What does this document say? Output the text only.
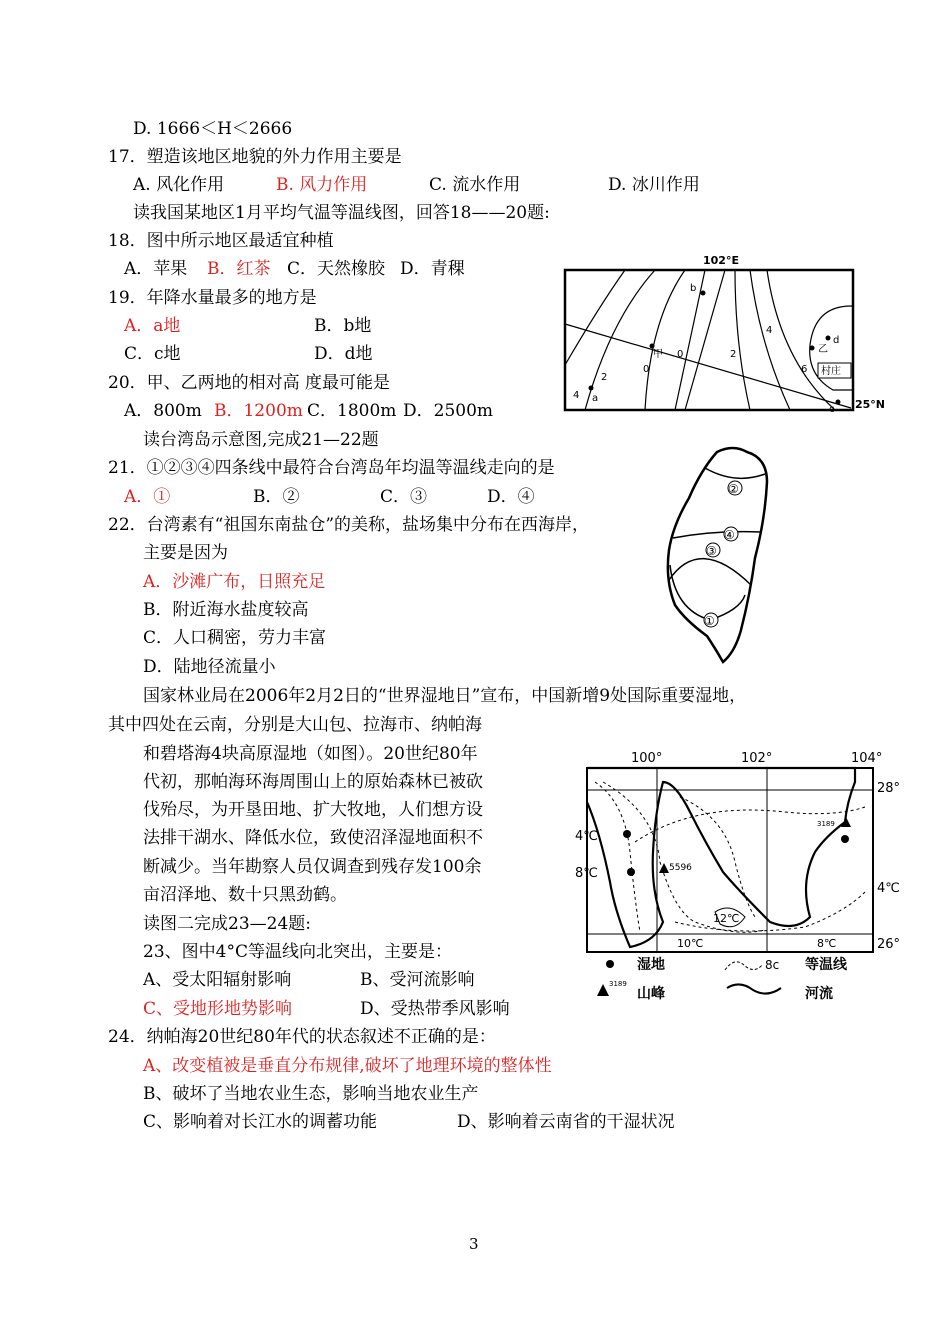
D. 1666＜H＜2666
17．塑造该地区地貌的外力作用主要是
A. 风化作用	B. 风力作用	C. 流水作用	D. 冰川作用
读我国某地区1月平均气温等温线图，回答18——20题:
18．图中所示地区最适宜种植
A．苹果 B．红茶 C．天然橡胶 D．青稞
19．年降水量最多的地方是
A．a地	B．b地
C．c地	D．d地
20．甲、乙两地的相对高 度最可能是
A．800m B．1200m C．1800m D．2500m
读台湾岛示意图,完成21—22题
21．①②③④四条线中最符合台湾岛年均温等温线走向的是
A．①	B．②	C．③	D．④
22．台湾素有“祖国东南盐仓”的美称，盐场集中分布在西海岸，
主要是因为
A．沙滩广布，日照充足
B．附近海水盐度较高
C．人口稠密，劳力丰富
D．陆地径流量小
国家林业局在2006年2月2日的“世界湿地日”宣布，中国新增9处国际重要湿地，
其中四处在云南，分别是大山包、拉海市、纳帕海
和碧塔海4块高原湿地（如图）。20世纪80年
代初，那帕海环海周围山上的原始森林已被砍
伐殆尽，为开垦田地、扩大牧地，人们想方设
法排干湖水、降低水位，致使沼泽湿地面积不
断减少。当年勘察人员仅调查到残存发100余
亩沼泽地、数十只黑劲鹤。
读图二完成23—24题:
23、图中4°C等温线向北突出，主要是：
A、受太阳辐射影响	B、受河流影响
C、受地形地势影响	D、受热带季风影响
24．纳帕海20世纪80年代的状态叙述不正确的是：
A、改变植被是垂直分布规律,破坏了地理环境的整体性
B、破坏了当地农业生态，影响当地农业生产
C、影响着对长江水的调蓄功能	D、影响着云南省的干湿状况
3
102°E
b
甲	乙
d
村庄
a
c 25°N
4
2
0
0	2
4
6
②
④
③
①
100°	102°	104°
28°
26°
4℃
8℃
4℃
12℃
10℃	8℃
5596
3189
湿地	8c 等温线
3189
山峰	河流
